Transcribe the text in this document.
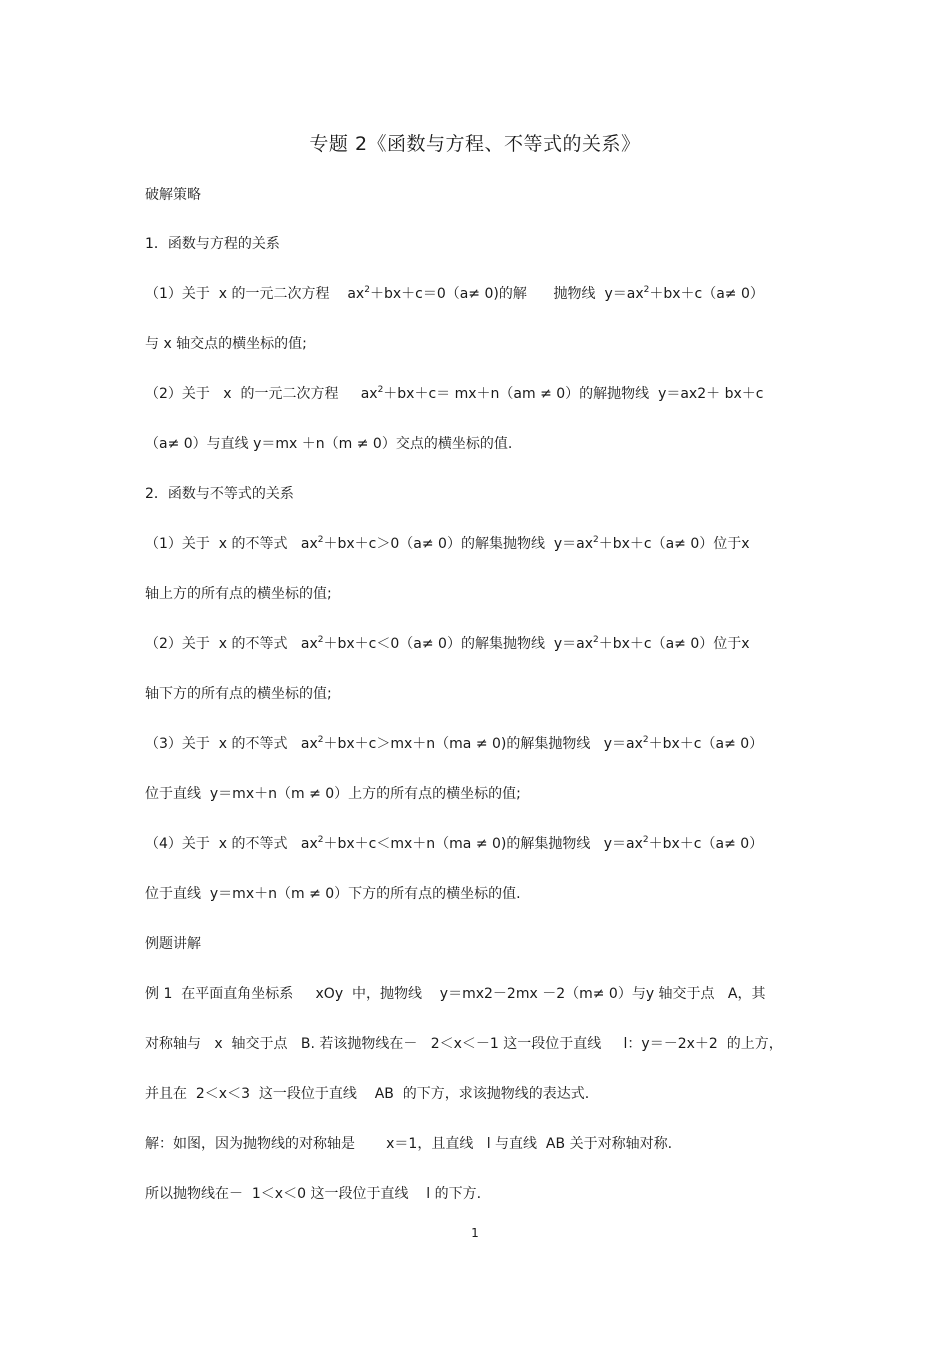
专题 2《函数与方程、不等式的关系》
破解策略
1．函数与方程的关系
（1）关于  x 的一元二次方程    $ax^2+bx+c=0(a\ne 0)$的解      抛物线  $y=ax^2+bx+c(a\ne 0)$
与 x 轴交点的横坐标的值;
（2）关于   x  的一元二次方程     $ax^2+bx+c= mx+n(am \ne 0)$的解抛物线  y＝ax2＋ bx＋c
（a≠ 0）与直线 y＝mx ＋n（m ≠ 0）交点的横坐标的值.
2．函数与不等式的关系
（1）关于  x 的不等式   $ax^2+bx+c>0(a\ne 0)$的解集抛物线  $y=ax^2+bx+c(a\ne 0)$位于x
轴上方的所有点的横坐标的值;
（2）关于  x 的不等式   $ax^2+bx+c<0(a\ne 0)$的解集抛物线  $y=ax^2+bx+c(a\ne 0)$位于x
轴下方的所有点的横坐标的值;
（3）关于  x 的不等式   $ax^2+bx+c>mx+n(ma \ne 0)$的解集抛物线   $y=ax^2+bx+c(a\ne 0)$
位于直线  y＝mx＋n（m ≠ 0）上方的所有点的横坐标的值;
（4）关于  x 的不等式   $ax^2+bx+c<mx+n(ma \ne 0)$的解集抛物线   $y=ax^2+bx+c(a\ne 0)$
位于直线  y＝mx＋n（m ≠ 0）下方的所有点的横坐标的值.
例题讲解
例 1  在平面直角坐标系     xOy  中，抛物线    y＝mx2－2mx －2（m≠ 0）与y 轴交于点   A，其
对称轴与   x  轴交于点   B. 若该抛物线在－   2＜x＜－1 这一段位于直线     l：y＝－2x＋2  的上方，
并且在  2＜x＜3  这一段位于直线    AB  的下方，求该抛物线的表达式.
解：如图，因为抛物线的对称轴是       x＝1，且直线   l 与直线  AB 关于对称轴对称.
所以抛物线在－  1＜x＜0 这一段位于直线    l 的下方.
1
